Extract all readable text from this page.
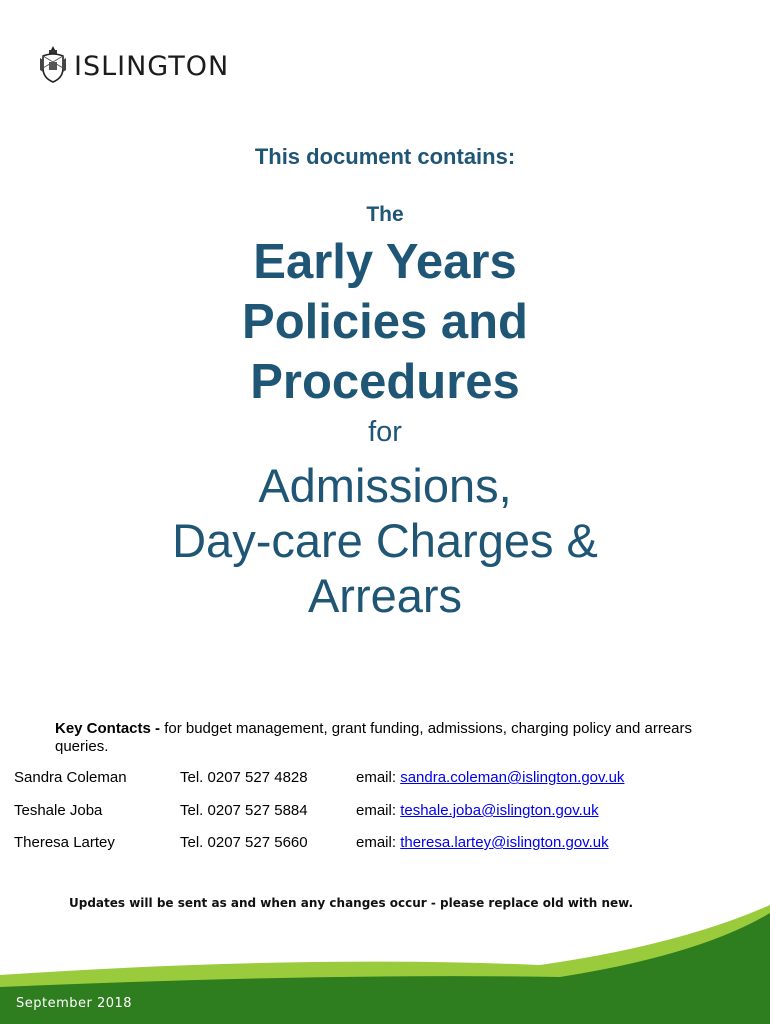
ISLINGTON
This document contains:
The
Early Years
Policies and
Procedures
for
Admissions,
Day-care Charges &
Arrears
Key Contacts - for budget management, grant funding, admissions, charging policy and arrears queries.
Sandra Coleman	Tel. 0207 527 4828	email: sandra.coleman@islington.gov.uk
Teshale Joba	Tel. 0207 527 5884	email: teshale.joba@islington.gov.uk
Theresa Lartey	Tel. 0207 527 5660	email: theresa.lartey@islington.gov.uk
Updates will be sent as and when any changes occur - please replace old with new.
September 2018
